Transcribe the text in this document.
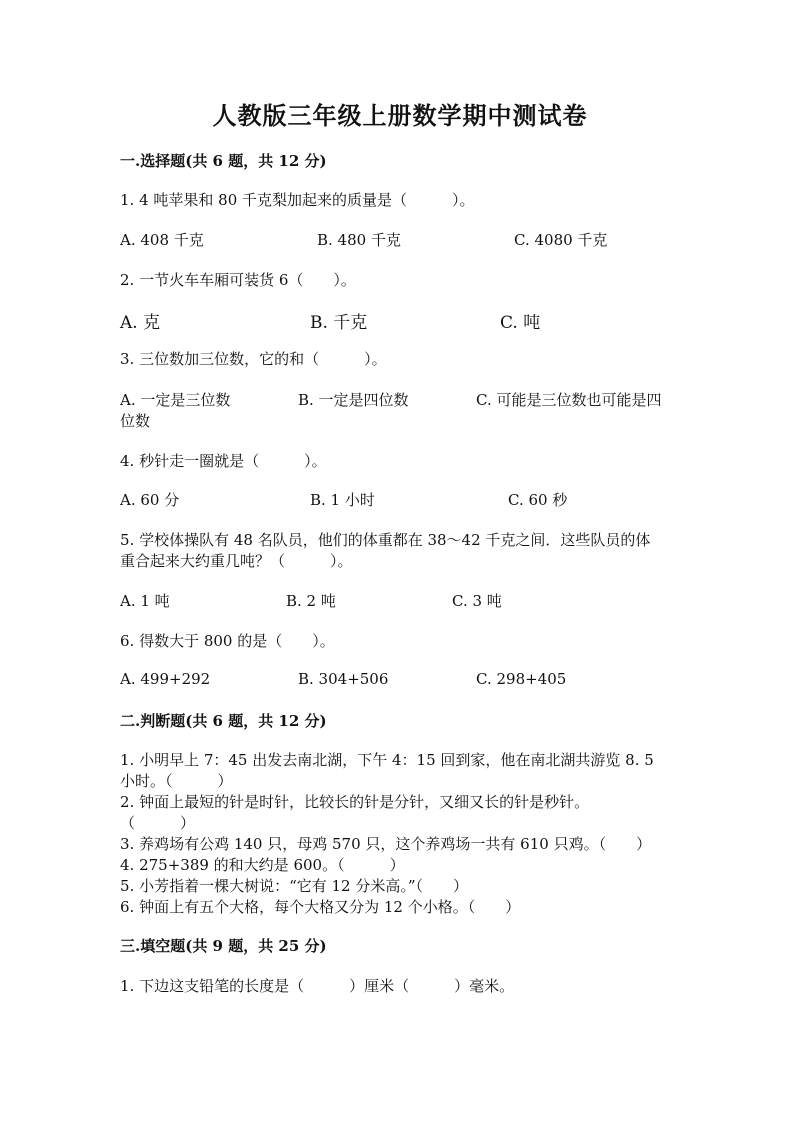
人教版三年级上册数学期中测试卷
一.选择题(共 6 题，共 12 分)
1. 4 吨苹果和 80 千克梨加起来的质量是（　　　）。
A. 408 千克	B. 480 千克	C. 4080 千克
2. 一节火车车厢可装货 6（　　）。
A. 克	B. 千克	C. 吨
3. 三位数加三位数，它的和（　　　）。
A. 一定是三位数	B. 一定是四位数	C. 可能是三位数也可能是四
位数
4. 秒针走一圈就是（　　　）。
A. 60 分	B. 1 小时	C. 60 秒
5. 学校体操队有 48 名队员，他们的体重都在 38～42 千克之间．这些队员的体
重合起来大约重几吨？（　　　）。
A. 1 吨	B. 2 吨	C. 3 吨
6. 得数大于 800 的是（　　）。
A. 499+292	B. 304+506	C. 298+405
二.判断题(共 6 题，共 12 分)
1. 小明早上 7：45 出发去南北湖，下午 4：15 回到家，他在南北湖共游览 8. 5
小时。（　　　）
2. 钟面上最短的针是时针，比较长的针是分针，又细又长的针是秒针。
（　　　）
3. 养鸡场有公鸡 140 只，母鸡 570 只，这个养鸡场一共有 610 只鸡。（　　）
4. 275+389 的和大约是 600。（　　　）
5. 小芳指着一棵大树说：“它有 12 分米高。”（　　）
6. 钟面上有五个大格，每个大格又分为 12 个小格。（　　）
三.填空题(共 9 题，共 25 分)
1. 下边这支铅笔的长度是（　　　）厘米（　　　）毫米。
